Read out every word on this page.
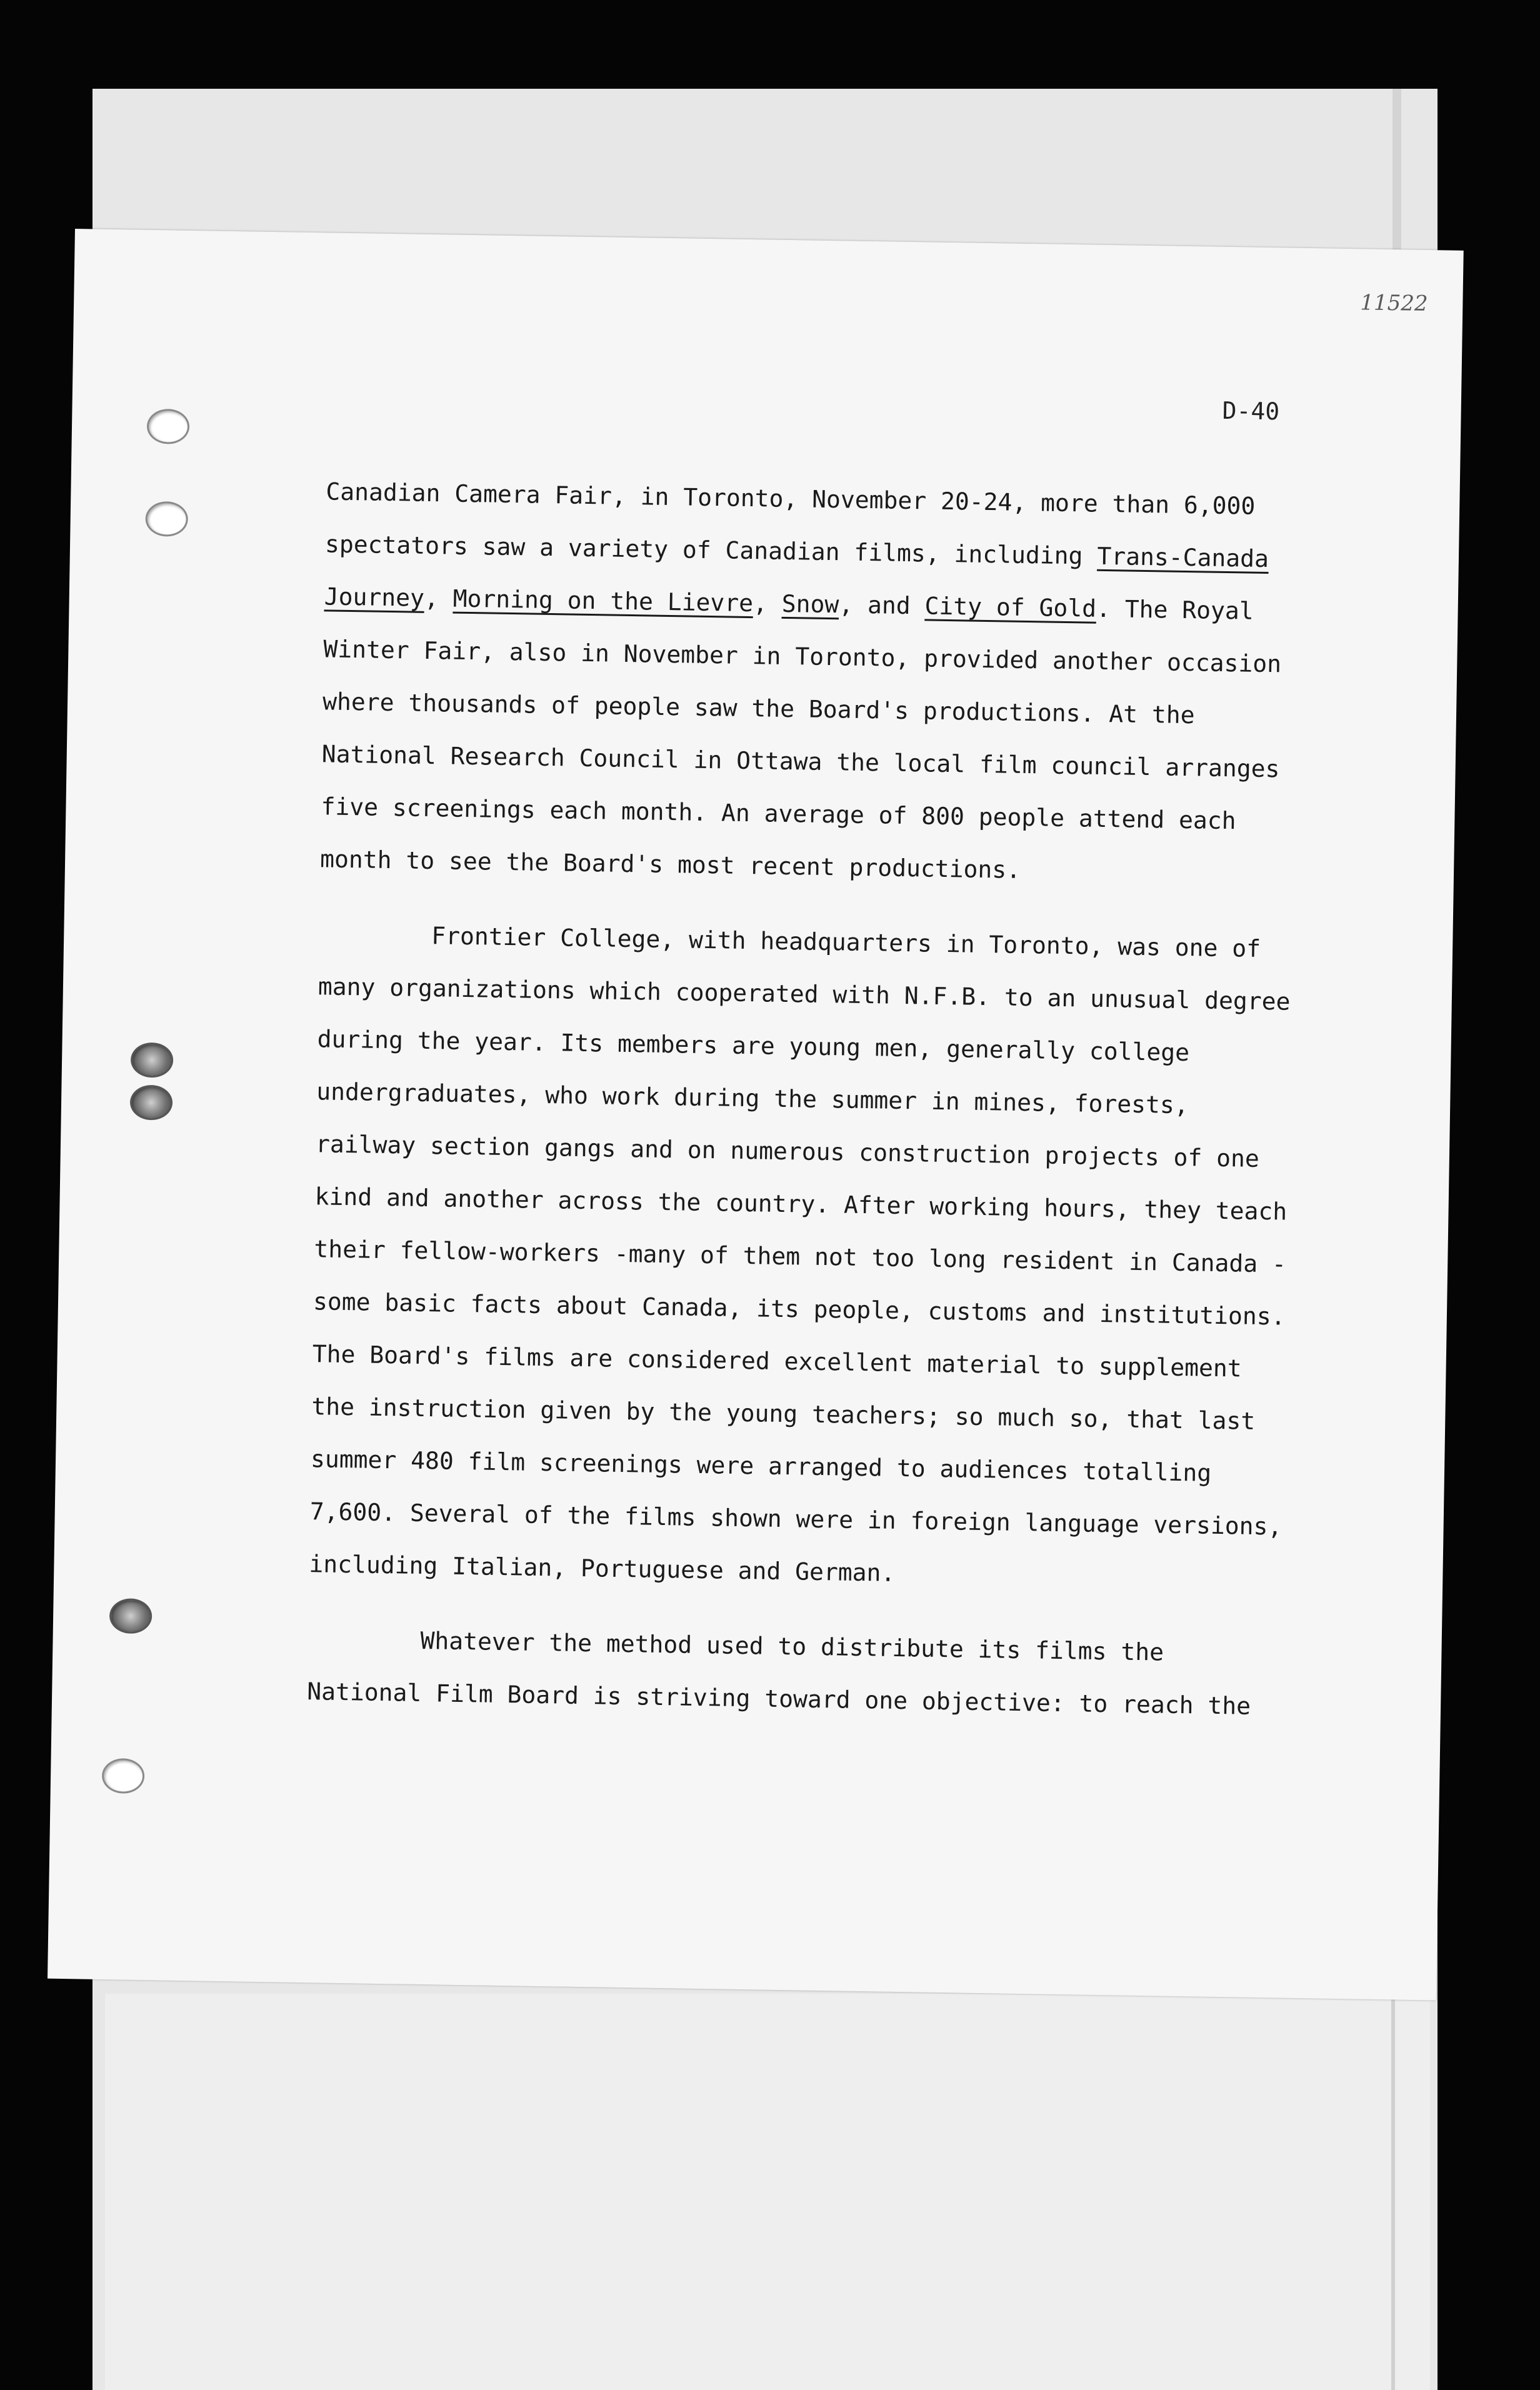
11522
D-40

Canadian Camera Fair, in Toronto, November 20-24, more than 6,000 spectators saw a variety of Canadian films, including Trans-Canada Journey, Morning on the Lievre, Snow, and City of Gold. The Royal Winter Fair, also in November in Toronto, provided another occasion where thousands of people saw the Board's productions. At the National Research Council in Ottawa the local film council arranges five screenings each month. An average of 800 people attend each month to see the Board's most recent productions.

Frontier College, with headquarters in Toronto, was one of many organizations which cooperated with N.F.B. to an unusual degree during the year. Its members are young men, generally college undergraduates, who work during the summer in mines, forests, railway section gangs and on numerous construction projects of one kind and another across the country. After working hours, they teach their fellow-workers -many of them not too long resident in Canada - some basic facts about Canada, its people, customs and institutions. The Board's films are considered excellent material to supplement the instruction given by the young teachers; so much so, that last summer 480 film screenings were arranged to audiences totalling 7,600. Several of the films shown were in foreign language versions, including Italian, Portuguese and German.

Whatever the method used to distribute its films the National Film Board is striving toward one objective: to reach the
